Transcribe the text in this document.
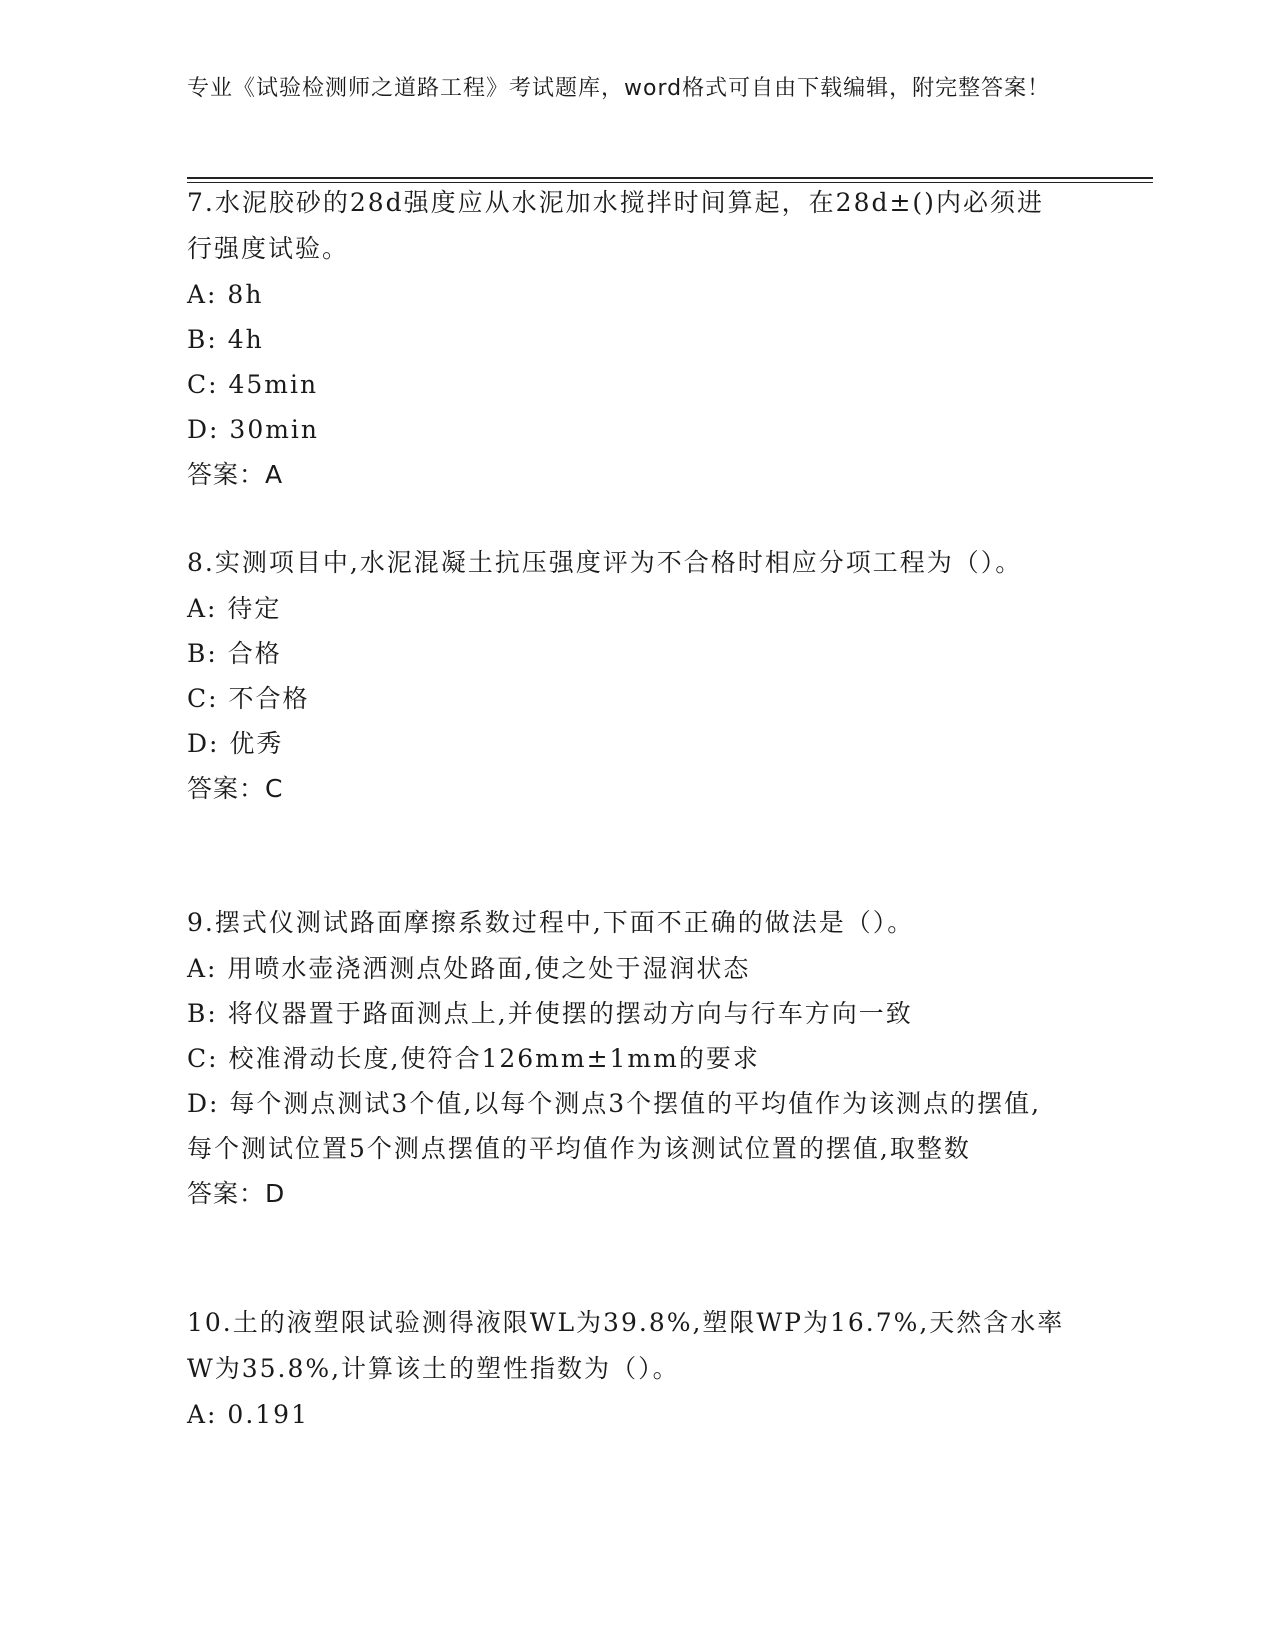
专业《试验检测师之道路工程》考试题库，word格式可自由下载编辑，附完整答案！

7.水泥胶砂的28d强度应从水泥加水搅拌时间算起，在28d±()内必须进行强度试验。

A: 8h

B: 4h

C: 45min

D: 30min

答案：A

8.实测项目中,水泥混凝土抗压强度评为不合格时相应分项工程为（）。

A: 待定

B: 合格

C: 不合格

D: 优秀

答案：C

9.摆式仪测试路面摩擦系数过程中,下面不正确的做法是（）。

A: 用喷水壶浇洒测点处路面,使之处于湿润状态

B: 将仪器置于路面测点上,并使摆的摆动方向与行车方向一致

C: 校准滑动长度,使符合126mm±1mm的要求

D: 每个测点测试3个值,以每个测点3个摆值的平均值作为该测点的摆值,每个测试位置5个测点摆值的平均值作为该测试位置的摆值,取整数

答案：D

10.土的液塑限试验测得液限WL为39.8%,塑限WP为16.7%,天然含水率W为35.8%,计算该土的塑性指数为（）。

A: 0.191
